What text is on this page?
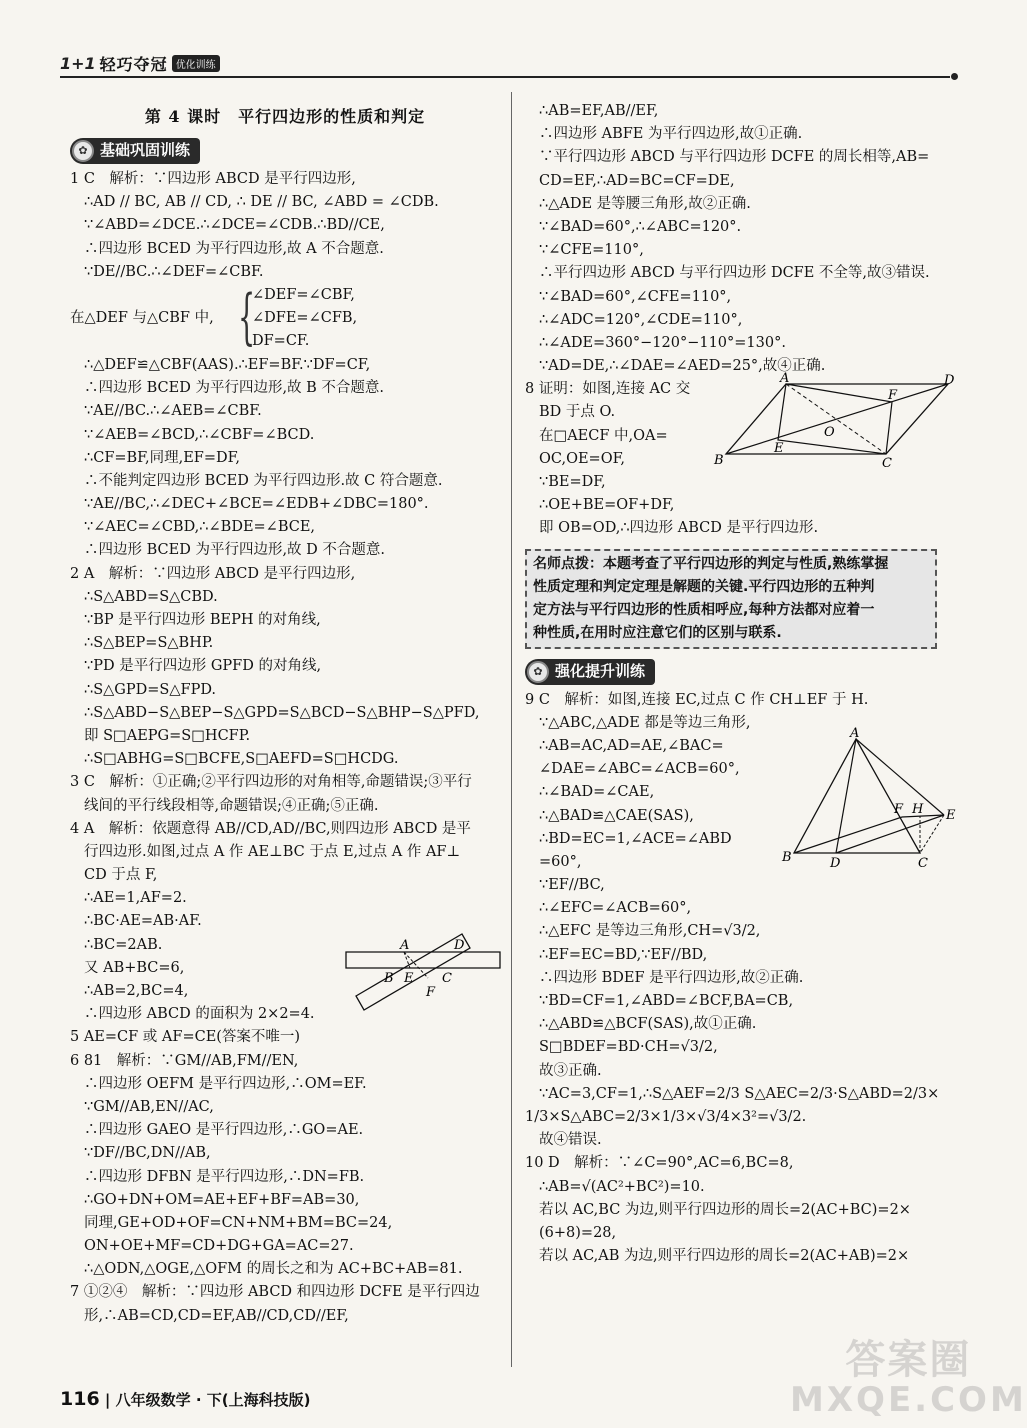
1+1 轻巧夺冠 优化训练
第 4 课时　平行四边形的性质和判定
✿ 基础巩固训练
1 C　解析：∵四边形 ABCD 是平行四边形,
∴AD // BC, AB // CD, ∴ DE // BC, ∠ABD = ∠CDB.
∵∠ABD=∠DCE.∴∠DCE=∠CDB.∴BD//CE,
∴四边形 BCED 为平行四边形,故 A 不合题意.
∵DE//BC.∴∠DEF=∠CBF.
在△DEF 与△CBF 中, {
∠DEF=∠CBF,
∠DFE=∠CFB,
DF=CF.
∴△DEF≌△CBF(AAS).∴EF=BF.∵DF=CF,
∴四边形 BCED 为平行四边形,故 B 不合题意.
∵AE//BC.∴∠AEB=∠CBF.
∵∠AEB=∠BCD,∴∠CBF=∠BCD.
∴CF=BF,同理,EF=DF,
∴不能判定四边形 BCED 为平行四边形.故 C 符合题意.
∵AE//BC,∴∠DEC+∠BCE=∠EDB+∠DBC=180°.
∵∠AEC=∠CBD,∴∠BDE=∠BCE,
∴四边形 BCED 为平行四边形,故 D 不合题意.
2 A　解析：∵四边形 ABCD 是平行四边形,
∴S△ABD=S△CBD.
∵BP 是平行四边形 BEPH 的对角线,
∴S△BEP=S△BHP.
∵PD 是平行四边形 GPFD 的对角线,
∴S△GPD=S△FPD.
∴S△ABD−S△BEP−S△GPD=S△BCD−S△BHP−S△PFD,
即 S□AEPG=S□HCFP.
∴S□ABHG=S□BCFE,S□AEFD=S□HCDG.
3 C　解析：①正确;②平行四边形的对角相等,命题错误;③平行
线间的平行线段相等,命题错误;④正确;⑤正确.
4 A　解析：依题意得 AB//CD,AD//BC,则四边形 ABCD 是平
行四边形.如图,过点 A 作 AE⊥BC 于点 E,过点 A 作 AF⊥
CD 于点 F,
∴AE=1,AF=2.
∴BC·AE=AB·AF.
∴BC=2AB.
又 AB+BC=6,
∴AB=2,BC=4,
∴四边形 ABCD 的面积为 2×2=4.
5 AE=CF 或 AF=CE(答案不唯一)
6 81　解析：∵GM//AB,FM//EN,
∴四边形 OEFM 是平行四边形,∴OM=EF.
∵GM//AB,EN//AC,
∴四边形 GAEO 是平行四边形,∴GO=AE.
∵DF//BC,DN//AB,
∴四边形 DFBN 是平行四边形,∴DN=FB.
∴GO+DN+OM=AE+EF+BF=AB=30,
同理,GE+OD+OF=CN+NM+BM=BC=24,
ON+OE+MF=CD+DG+GA=AC=27.
∴△ODN,△OGE,△OFM 的周长之和为 AC+BC+AB=81.
7 ①②④　解析：∵四边形 ABCD 和四边形 DCFE 是平行四边
形,∴AB=CD,CD=EF,AB//CD,CD//EF,
A	D
B E C
F
∴AB=EF,AB//EF,
∴四边形 ABFE 为平行四边形,故①正确.
∵平行四边形 ABCD 与平行四边形 DCFE 的周长相等,AB=
CD=EF,∴AD=BC=CF=DE,
∴△ADE 是等腰三角形,故②正确.
∵∠BAD=60°,∴∠ABC=120°.
∵∠CFE=110°,
∴平行四边形 ABCD 与平行四边形 DCFE 不全等,故③错误.
∵∠BAD=60°,∠CFE=110°,
∴∠ADC=120°,∠CDE=110°,
∴∠ADE=360°−120°−110°=130°.
∵AD=DE,∴∠DAE=∠AED=25°,故④正确.
8 证明：如图,连接 AC 交
BD 于点 O.
在□AECF 中,OA=
OC,OE=OF,
∵BE=DF,
∴OE+BE=OF+DF,
即 OB=OD,∴四边形 ABCD 是平行四边形.
名师点拨：本题考查了平行四边形的判定与性质,熟练掌握
性质定理和判定定理是解题的关键.平行四边形的五种判
定方法与平行四边形的性质相呼应,每种方法都对应着一
种性质,在用时应注意它们的区别与联系.
✿ 强化提升训练
9 C　解析：如图,连接 EC,过点 C 作 CH⊥EF 于 H.
∵△ABC,△ADE 都是等边三角形,
∴AB=AC,AD=AE,∠BAC=
∠DAE=∠ABC=∠ACB=60°,
∴∠BAD=∠CAE,
∴△BAD≌△CAE(SAS),
∴BD=EC=1,∠ACE=∠ABD
=60°,
∵EF//BC,
∴∠EFC=∠ACB=60°,
∴△EFC 是等边三角形,CH=√3/2,
∴EF=EC=BD,∵EF//BD,
∴四边形 BDEF 是平行四边形,故②正确.
∵BD=CF=1,∠ABD=∠BCF,BA=CB,
∴△ABD≌△BCF(SAS),故①正确.
S□BDEF=BD·CH=√3/2,
故③正确.
∵AC=3,CF=1,∴S△AEF=2/3 S△AEC=2/3·S△ABD=2/3×
1/3×S△ABC=2/3×1/3×√3/4×3²=√3/2.
故④错误.
10 D　解析：∵∠C=90°,AC=6,BC=8,
∴AB=√(AC²+BC²)=10.
若以 AC,BC 为边,则平行四边形的周长=2(AC+BC)=2×
(6+8)=28,
若以 AC,AB 为边,则平行四边形的周长=2(AC+AB)=2×
A	D
F
O
E
B	C
A
F H E
B	D	C
116 | 八年级数学 · 下(上海科技版)
答案圈
MXQE.COM
